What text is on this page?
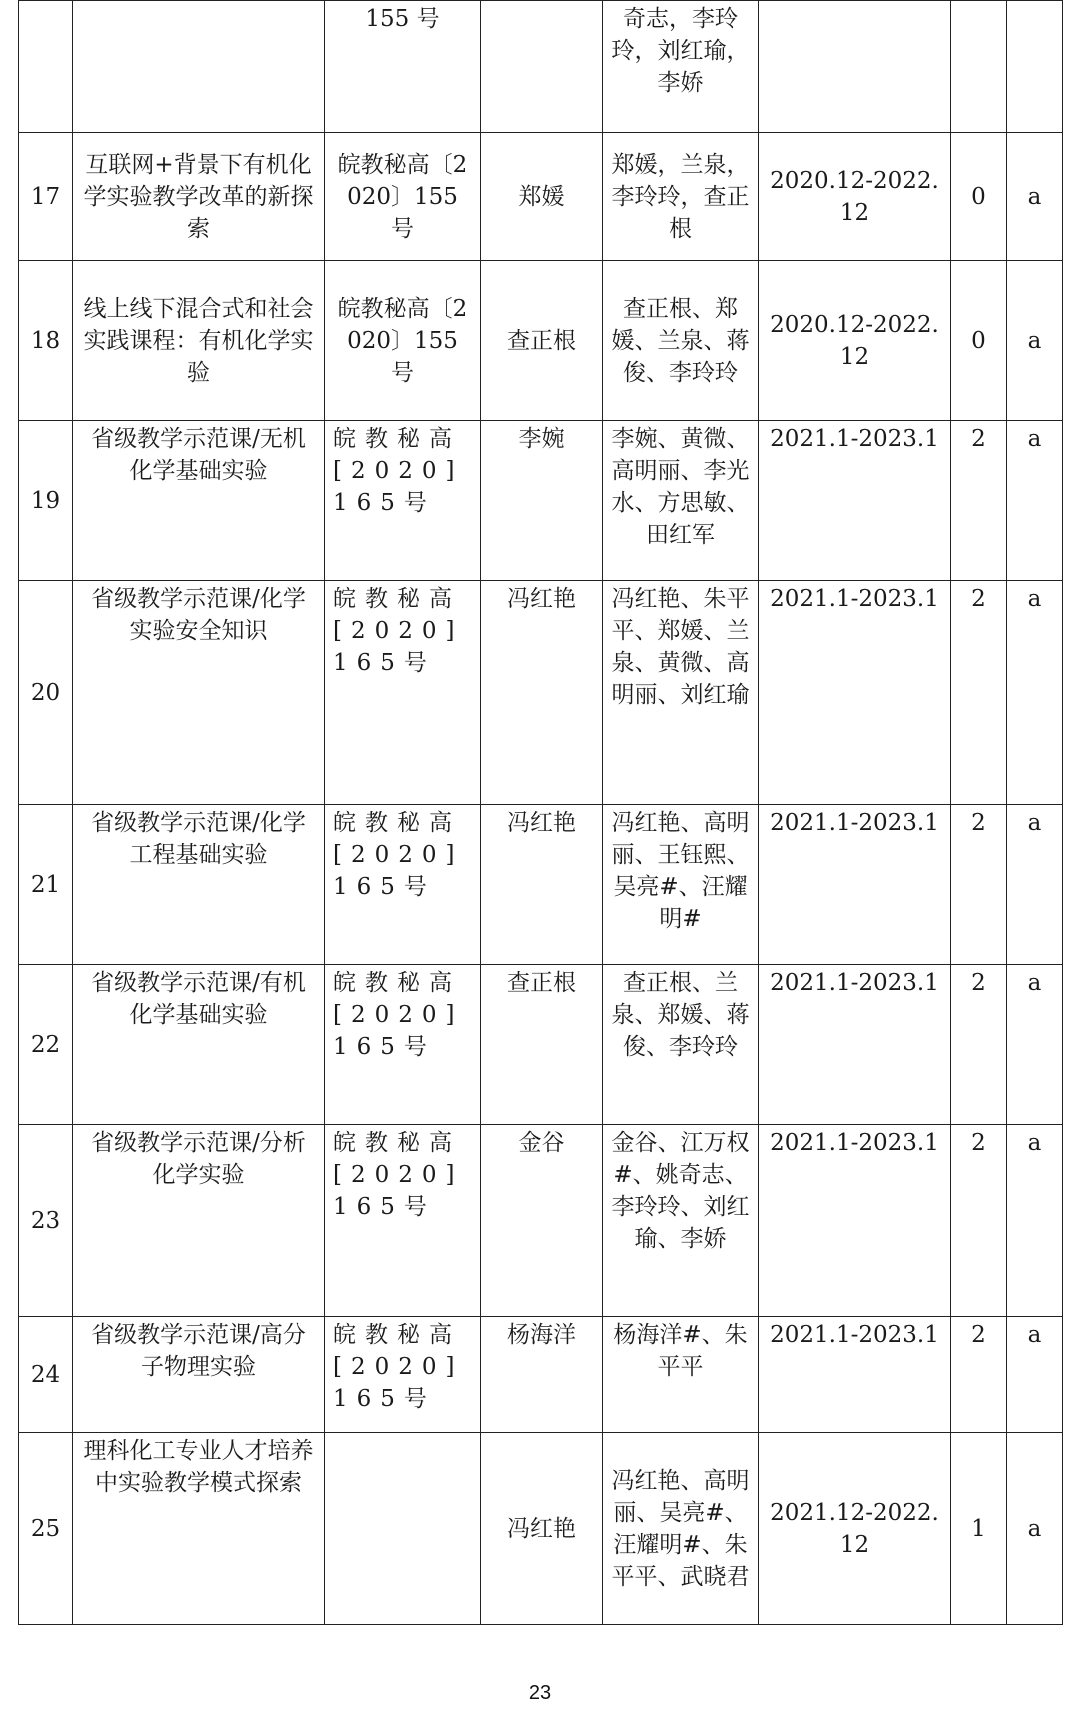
		155 号		奇志，李玲玲，刘红瑜，李娇			

17	互联网+背景下有机化学实验教学改革的新探索	皖教秘高〔2020〕155 号	郑媛	郑媛，兰泉，李玲玲，查正根	2020.12-2022.12	0	a

18	线上线下混合式和社会实践课程：有机化学实验	皖教秘高〔2020〕155 号	查正根	查正根、郑媛、兰泉、蒋俊、李玲玲	2020.12-2022.12	0	a

19	省级教学示范课/无机化学基础实验	皖教秘高[2020]165号	李婉	李婉、黄微、高明丽、李光水、方思敏、田红军	2021.1-2023.1	2	a

20	省级教学示范课/化学实验安全知识	皖教秘高[2020]165号	冯红艳	冯红艳、朱平平、郑媛、兰泉、黄微、高明丽、刘红瑜	2021.1-2023.1	2	a

21	省级教学示范课/化学工程基础实验	皖教秘高[2020]165号	冯红艳	冯红艳、高明丽、王钰熙、吴亮#、汪耀明#	2021.1-2023.1	2	a

22	省级教学示范课/有机化学基础实验	皖教秘高[2020]165号	查正根	查正根、兰泉、郑媛、蒋俊、李玲玲	2021.1-2023.1	2	a

23	省级教学示范课/分析化学实验	皖教秘高[2020]165号	金谷	金谷、江万权#、姚奇志、李玲玲、刘红瑜、李娇	2021.1-2023.1	2	a

24	省级教学示范课/高分子物理实验	皖教秘高[2020]165号	杨海洋	杨海洋#、朱平平	2021.1-2023.1	2	a

25	理科化工专业人才培养中实验教学模式探索		冯红艳	冯红艳、高明丽、吴亮#、汪耀明#、朱平平、武晓君	2021.12-2022.12	1	a
23
